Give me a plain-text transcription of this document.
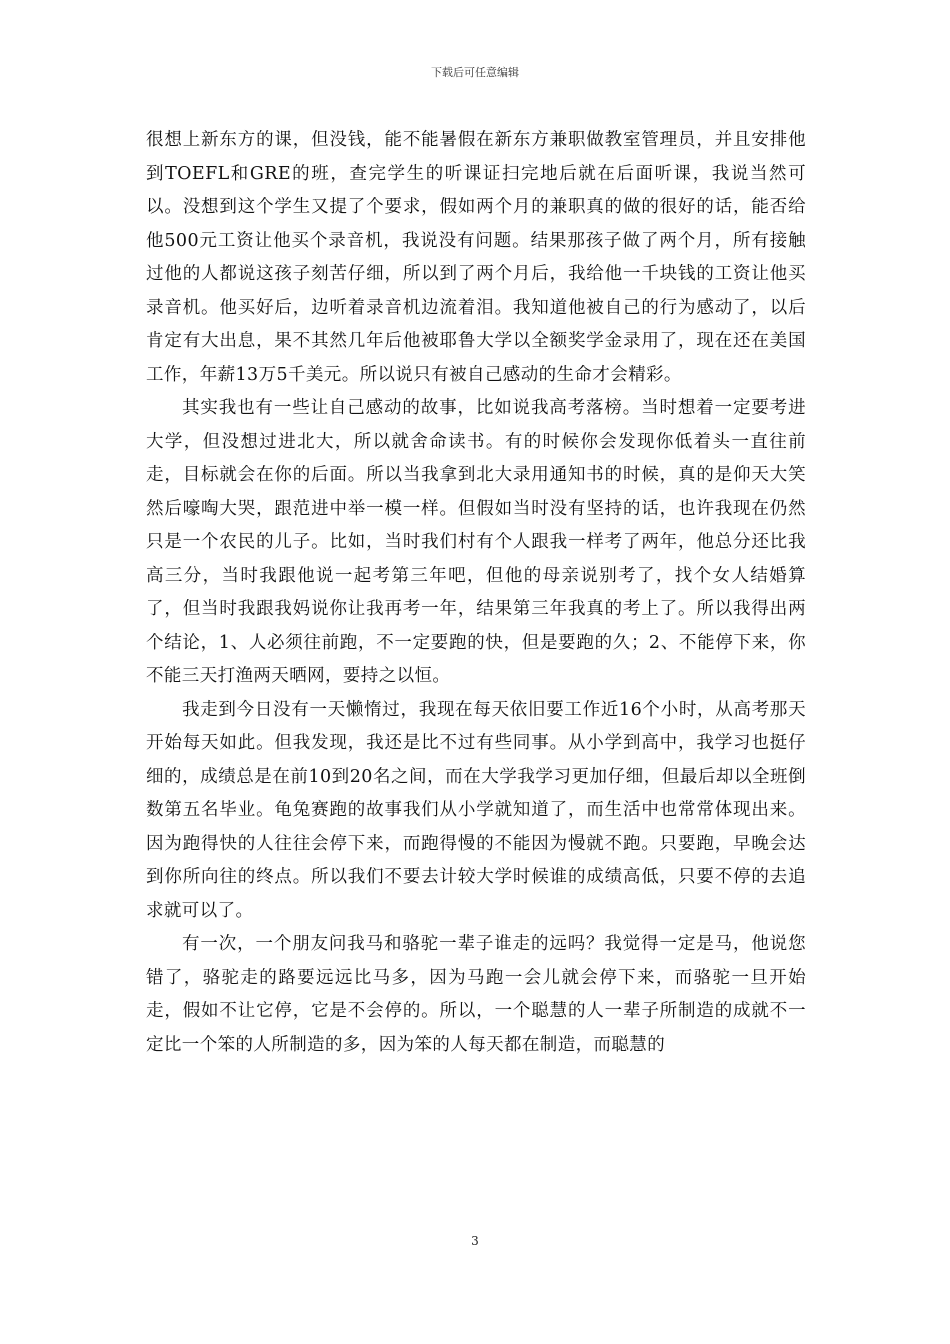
下载后可任意编辑

很想上新东方的课，但没钱，能不能暑假在新东方兼职做教室管理员，并且安排他到TOEFL和GRE的班，查完学生的听课证扫完地后就在后面听课，我说当然可以。没想到这个学生又提了个要求，假如两个月的兼职真的做的很好的话，能否给他500元工资让他买个录音机，我说没有问题。结果那孩子做了两个月，所有接触过他的人都说这孩子刻苦仔细，所以到了两个月后，我给他一千块钱的工资让他买录音机。他买好后，边听着录音机边流着泪。我知道他被自己的行为感动了，以后肯定有大出息，果不其然几年后他被耶鲁大学以全额奖学金录用了，现在还在美国工作，年薪13万5千美元。所以说只有被自己感动的生命才会精彩。

其实我也有一些让自己感动的故事，比如说我高考落榜。当时想着一定要考进大学，但没想过进北大，所以就舍命读书。有的时候你会发现你低着头一直往前走，目标就会在你的后面。所以当我拿到北大录用通知书的时候，真的是仰天大笑然后嚎啕大哭，跟范进中举一模一样。但假如当时没有坚持的话，也许我现在仍然只是一个农民的儿子。比如，当时我们村有个人跟我一样考了两年，他总分还比我高三分，当时我跟他说一起考第三年吧，但他的母亲说别考了，找个女人结婚算了，但当时我跟我妈说你让我再考一年，结果第三年我真的考上了。所以我得出两个结论，1、人必须往前跑，不一定要跑的快，但是要跑的久；2、不能停下来，你不能三天打渔两天晒网，要持之以恒。

我走到今日没有一天懒惰过，我现在每天依旧要工作近16个小时，从高考那天开始每天如此。但我发现，我还是比不过有些同事。从小学到高中，我学习也挺仔细的，成绩总是在前10到20名之间，而在大学我学习更加仔细，但最后却以全班倒数第五名毕业。龟兔赛跑的故事我们从小学就知道了，而生活中也常常体现出来。因为跑得快的人往往会停下来，而跑得慢的不能因为慢就不跑。只要跑，早晚会达到你所向往的终点。所以我们不要去计较大学时候谁的成绩高低，只要不停的去追求就可以了。

有一次，一个朋友问我马和骆驼一辈子谁走的远吗？我觉得一定是马，他说您错了，骆驼走的路要远远比马多，因为马跑一会儿就会停下来，而骆驼一旦开始走，假如不让它停，它是不会停的。所以，一个聪慧的人一辈子所制造的成就不一定比一个笨的人所制造的多，因为笨的人每天都在制造，而聪慧的

3
